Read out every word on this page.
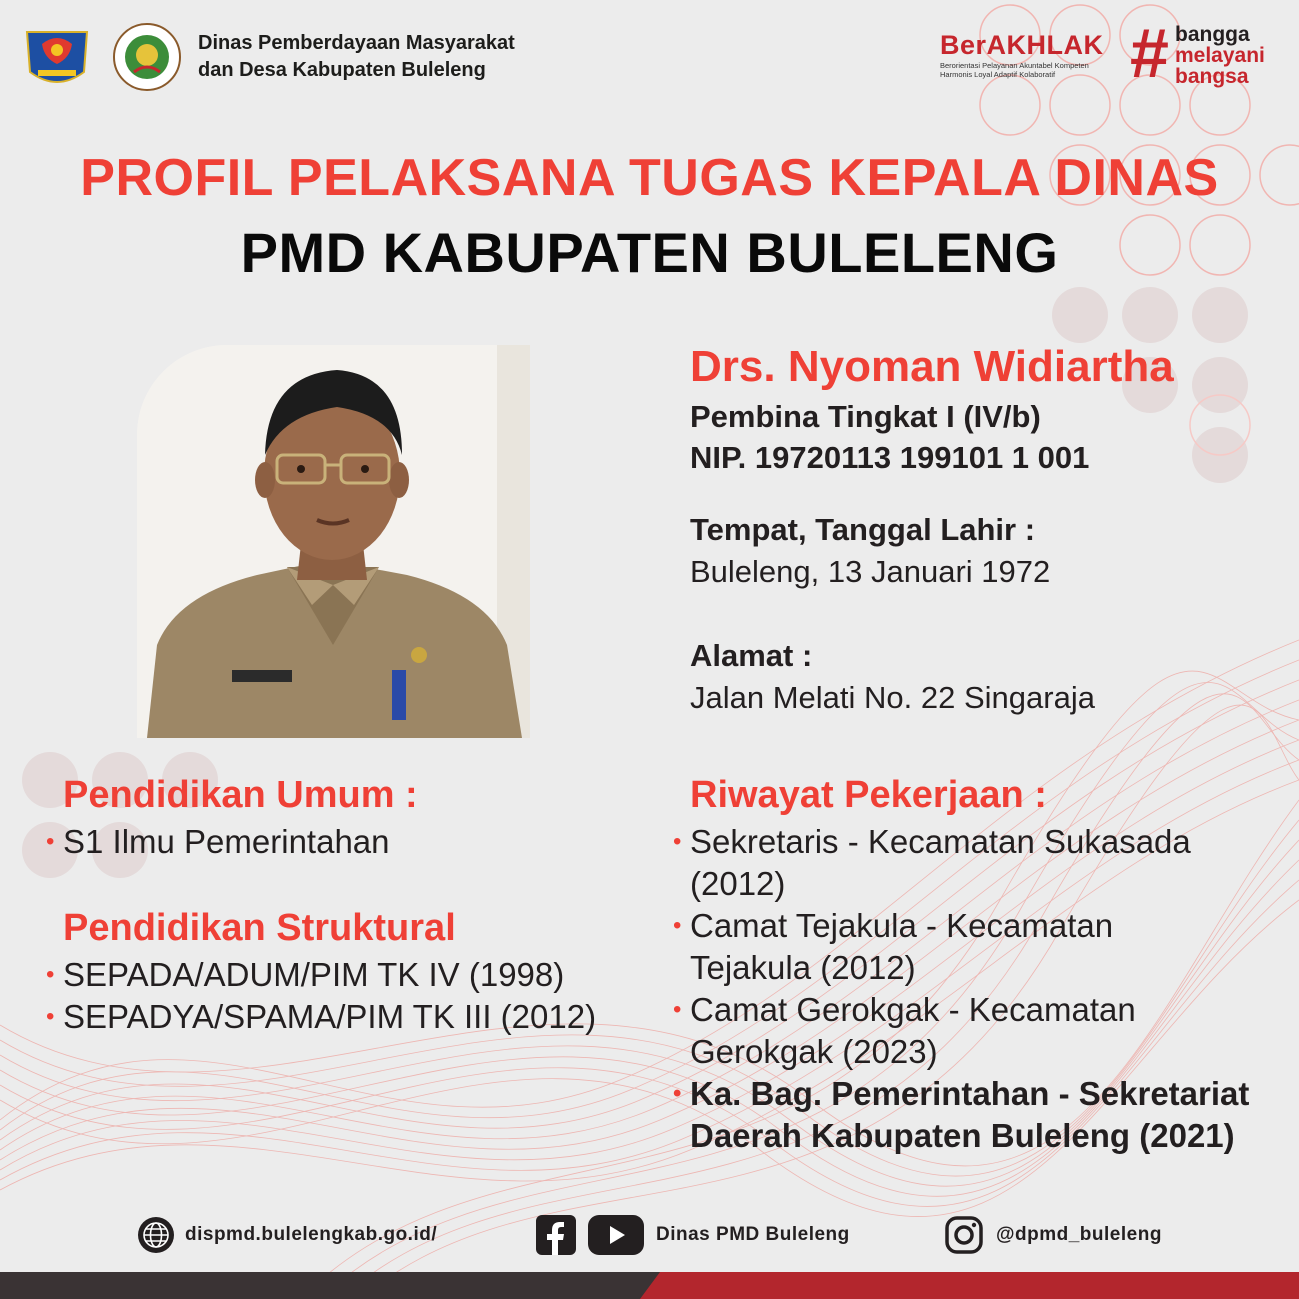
Dinas Pemberdayaan Masyarakat
dan Desa Kabupaten Buleleng
BerAKHLAK
Berorientasi Pelayanan Akuntabel Kompeten
Harmonis Loyal Adaptif Kolaboratif	# bangga
melayani
bangsa
PROFIL PELAKSANA TUGAS KEPALA DINAS
PMD KABUPATEN BULELENG
Drs. Nyoman Widiartha
Pembina Tingkat I (IV/b)
NIP. 19720113 199101 1 001
Tempat, Tanggal Lahir :
Buleleng, 13 Januari 1972
Alamat :
Jalan Melati No. 22 Singaraja
Pendidikan Umum :
• S1 Ilmu Pemerintahan
Pendidikan Struktural
• SEPADA/ADUM/PIM TK IV (1998)
• SEPADYA/SPAMA/PIM TK III (2012)
Riwayat Pekerjaan :
• Sekretaris - Kecamatan Sukasada
(2012)
• Camat Tejakula - Kecamatan
Tejakula (2012)
• Camat Gerokgak - Kecamatan
Gerokgak (2023)
• Ka. Bag. Pemerintahan - Sekretariat
Daerah Kabupaten Buleleng (2021)
dispmd.bulelengkab.go.id/	Dinas PMD Buleleng	@dpmd_buleleng
